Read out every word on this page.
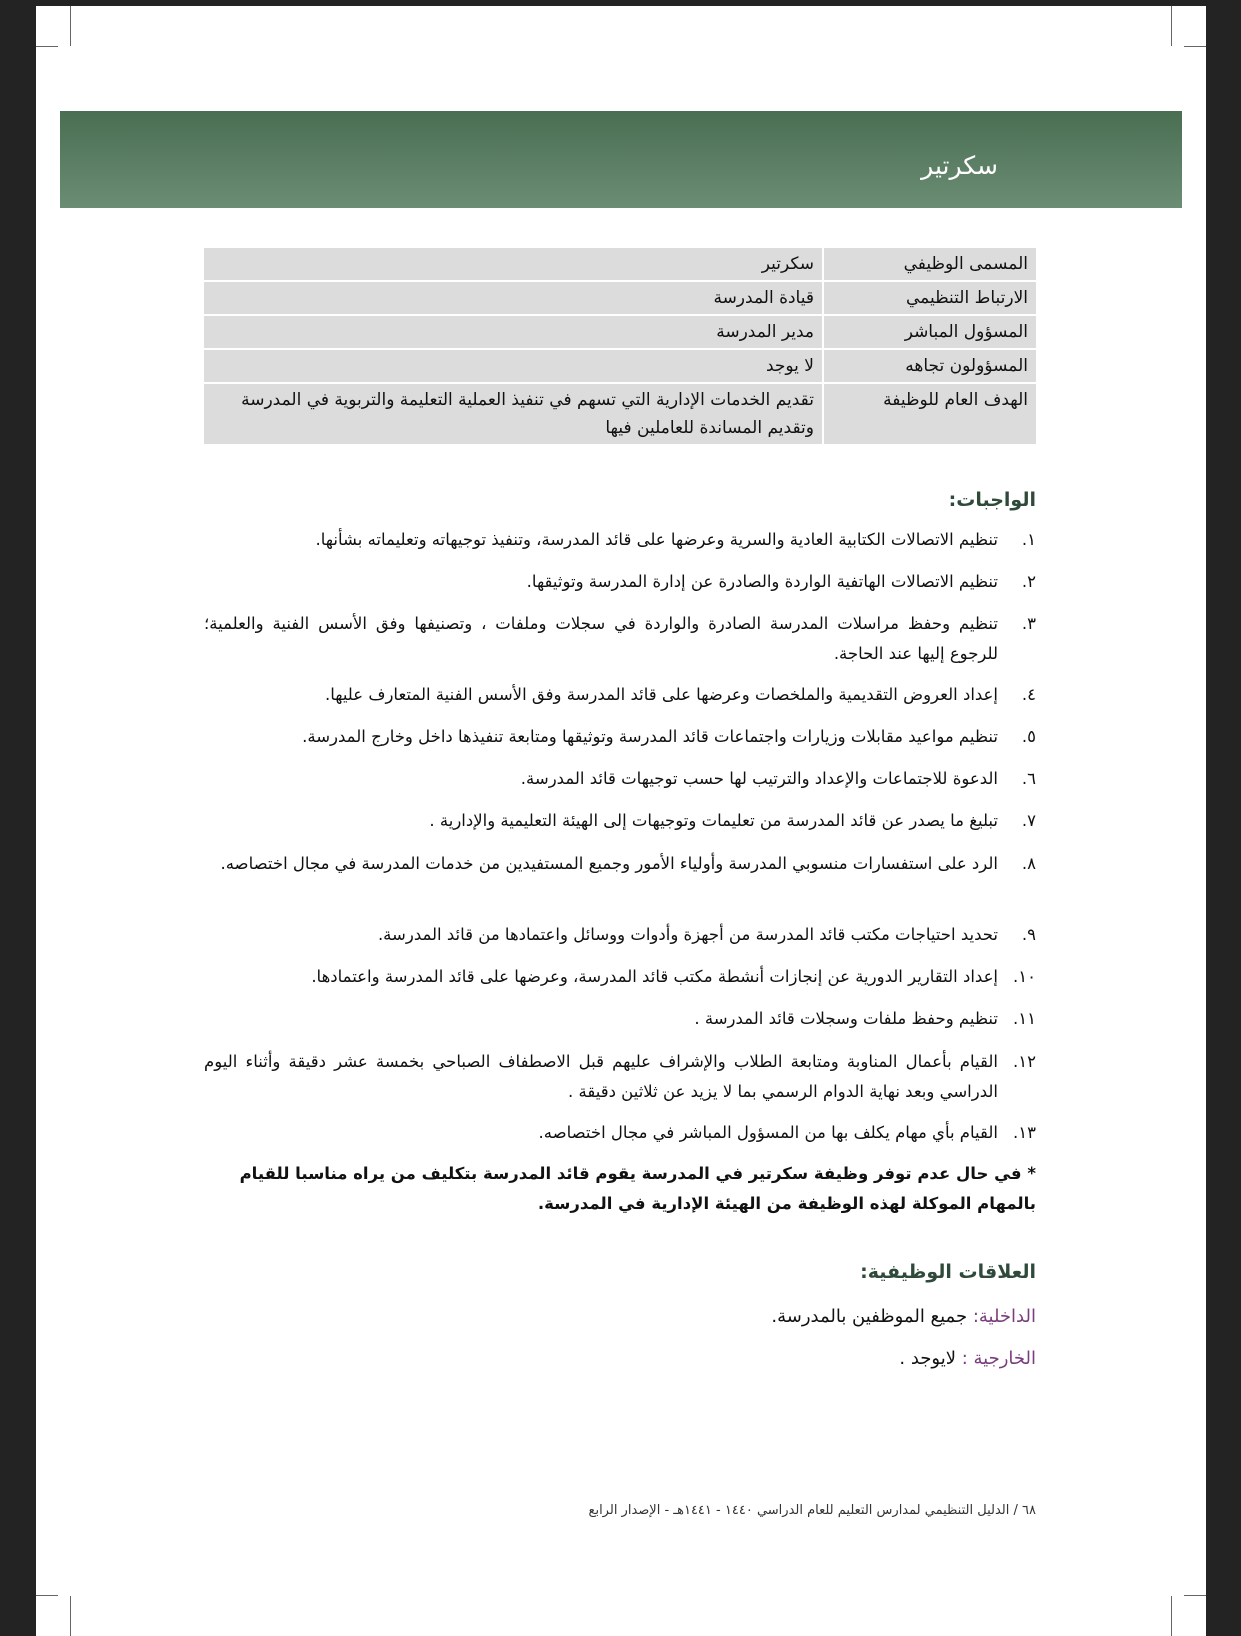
سكرتير
المسمى الوظيفي	سكرتير
الارتباط التنظيمي	قيادة المدرسة
المسؤول المباشر	مدير المدرسة
المسؤولون تجاهه	لا يوجد
الهدف العام للوظيفة	تقديم الخدمات الإدارية التي تسهم في تنفيذ العملية التعليمة والتربوية في المدرسة وتقديم المساندة للعاملين فيها
الواجبات:
١.
تنظيم الاتصالات الكتابية العادية والسرية وعرضها على قائد المدرسة، وتنفيذ توجيهاته وتعليماته بشأنها.
٢.
تنظيم الاتصالات الهاتفية الواردة والصادرة عن إدارة المدرسة وتوثيقها.
٣.
تنظيم وحفظ مراسلات المدرسة الصادرة والواردة في سجلات وملفات ، وتصنيفها وفق الأسس الفنية والعلمية؛ للرجوع إليها عند الحاجة.
٤.
إعداد العروض التقديمية والملخصات وعرضها على قائد المدرسة وفق الأسس الفنية المتعارف عليها.
٥.
تنظيم مواعيد مقابلات وزيارات واجتماعات قائد المدرسة وتوثيقها ومتابعة تنفيذها داخل وخارج المدرسة.
٦.
الدعوة للاجتماعات والإعداد والترتيب لها حسب توجيهات قائد المدرسة.
٧.
تبليغ ما يصدر عن قائد المدرسة من تعليمات وتوجيهات إلى الهيئة التعليمية والإدارية .
٨.
الرد على استفسارات منسوبي المدرسة وأولياء الأمور وجميع المستفيدين من خدمات المدرسة في مجال اختصاصه.
٩.
تحديد احتياجات مكتب قائد المدرسة من أجهزة وأدوات ووسائل واعتمادها من قائد المدرسة.
١٠.
إعداد التقارير الدورية عن إنجازات أنشطة مكتب قائد المدرسة، وعرضها على قائد المدرسة واعتمادها.
١١.
تنظيم وحفظ ملفات وسجلات قائد المدرسة .
١٢.
القيام بأعمال المناوبة ومتابعة الطلاب والإشراف عليهم قبل الاصطفاف الصباحي بخمسة عشر دقيقة وأثناء اليوم الدراسي وبعد نهاية الدوام الرسمي بما لا يزيد عن ثلاثين دقيقة .
١٣.
القيام بأي مهام يكلف بها من المسؤول المباشر في مجال اختصاصه.
* في حال عدم توفر وظيفة سكرتير في المدرسة يقوم قائد المدرسة بتكليف من يراه مناسبا للقيام بالمهام الموكلة لهذه الوظيفة من الهيئة الإدارية في المدرسة.
العلاقات الوظيفية:
الداخلية: جميع الموظفين بالمدرسة.
الخارجية : لايوجد .
٦٨ / الدليل التنظيمي لمدارس التعليم للعام الدراسي ١٤٤٠ - ١٤٤١هـ - الإصدار الرابع
